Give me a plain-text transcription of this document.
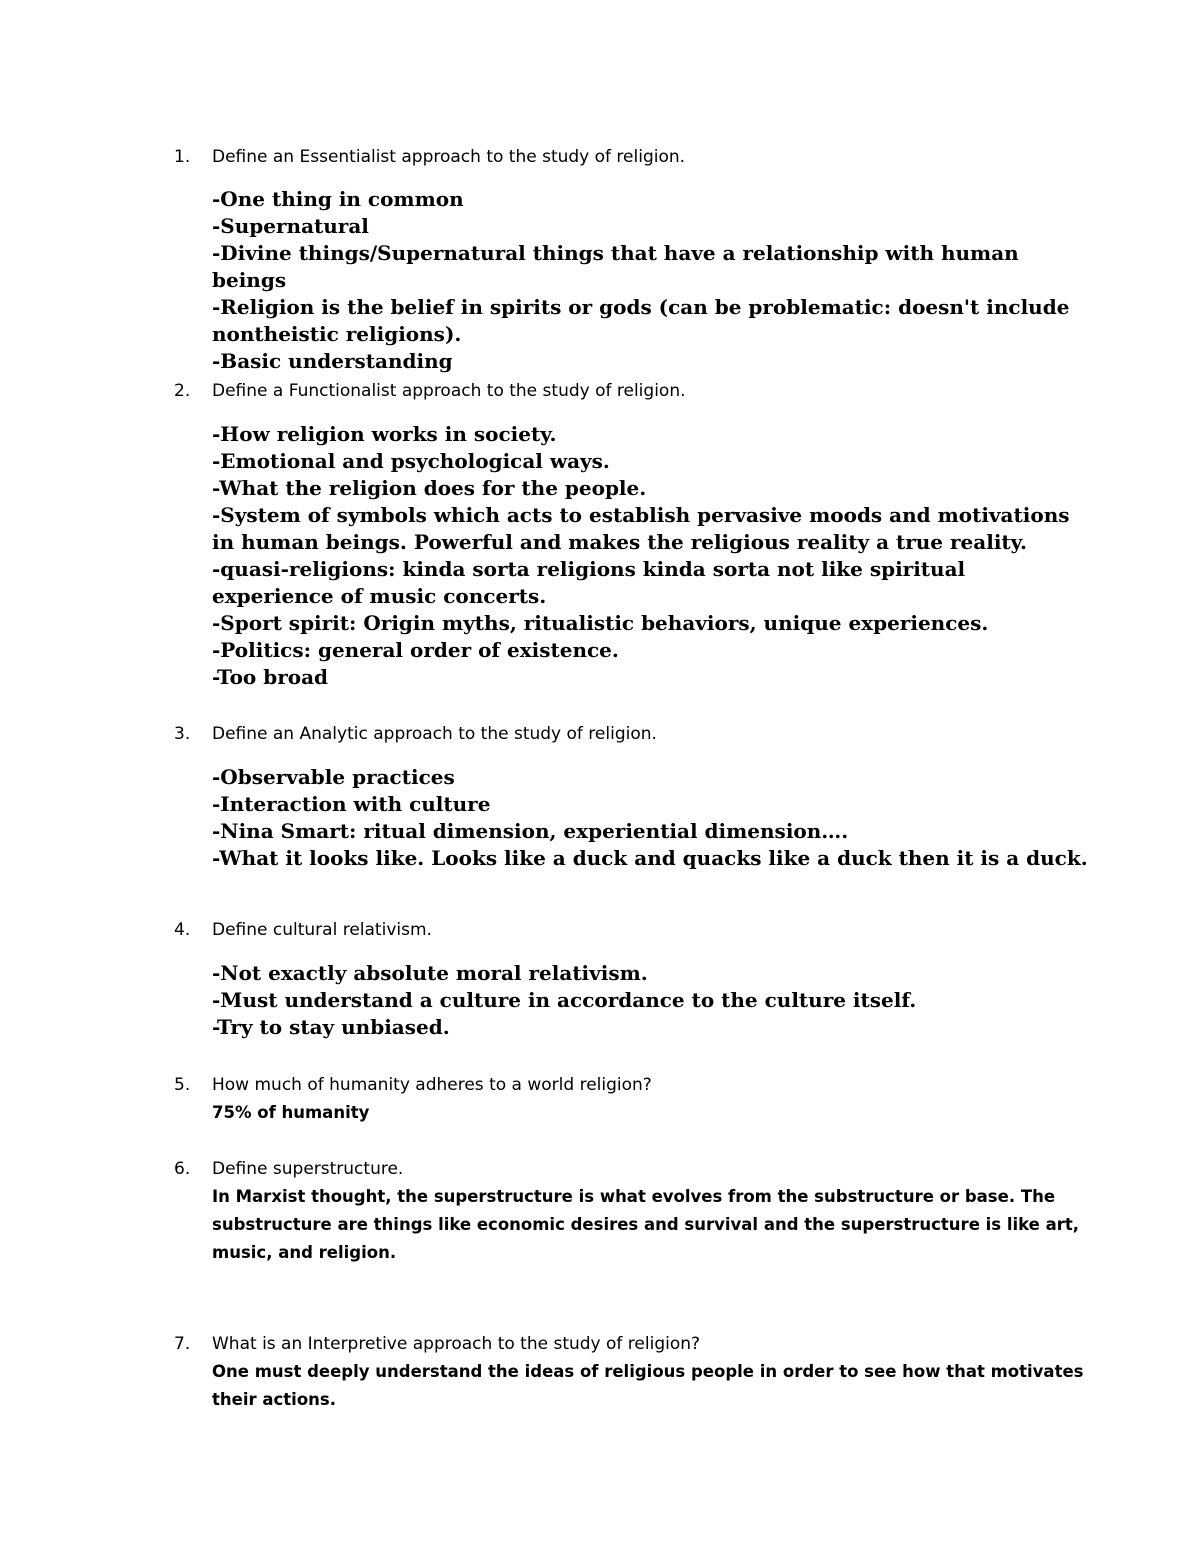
1. Define an Essentialist approach to the study of religion.
-One thing in common
-Supernatural
-Divine things/Supernatural things that have a relationship with human beings
-Religion is the belief in spirits or gods (can be problematic: doesn't include nontheistic religions).
-Basic understanding
2. Define a Functionalist approach to the study of religion.
-How religion works in society.
-Emotional and psychological ways.
-What the religion does for the people.
-System of symbols which acts to establish pervasive moods and motivations in human beings. Powerful and makes the religious reality a true reality.
-quasi-religions: kinda sorta religions kinda sorta not like spiritual experience of music concerts.
-Sport spirit: Origin myths, ritualistic behaviors, unique experiences.
-Politics: general order of existence.
-Too broad
3. Define an Analytic approach to the study of religion.
-Observable practices
-Interaction with culture
-Nina Smart: ritual dimension, experiential dimension….
-What it looks like. Looks like a duck and quacks like a duck then it is a duck.
4. Define cultural relativism.
-Not exactly absolute moral relativism.
-Must understand a culture in accordance to the culture itself.
-Try to stay unbiased.
5. How much of humanity adheres to a world religion?

75% of humanity

6. Define superstructure.

In Marxist thought, the superstructure is what evolves from the substructure or base. The substructure are things like economic desires and survival and the superstructure is like art, music, and religion.

7. What is an Interpretive approach to the study of religion?

One must deeply understand the ideas of religious people in order to see how that motivates their actions.
